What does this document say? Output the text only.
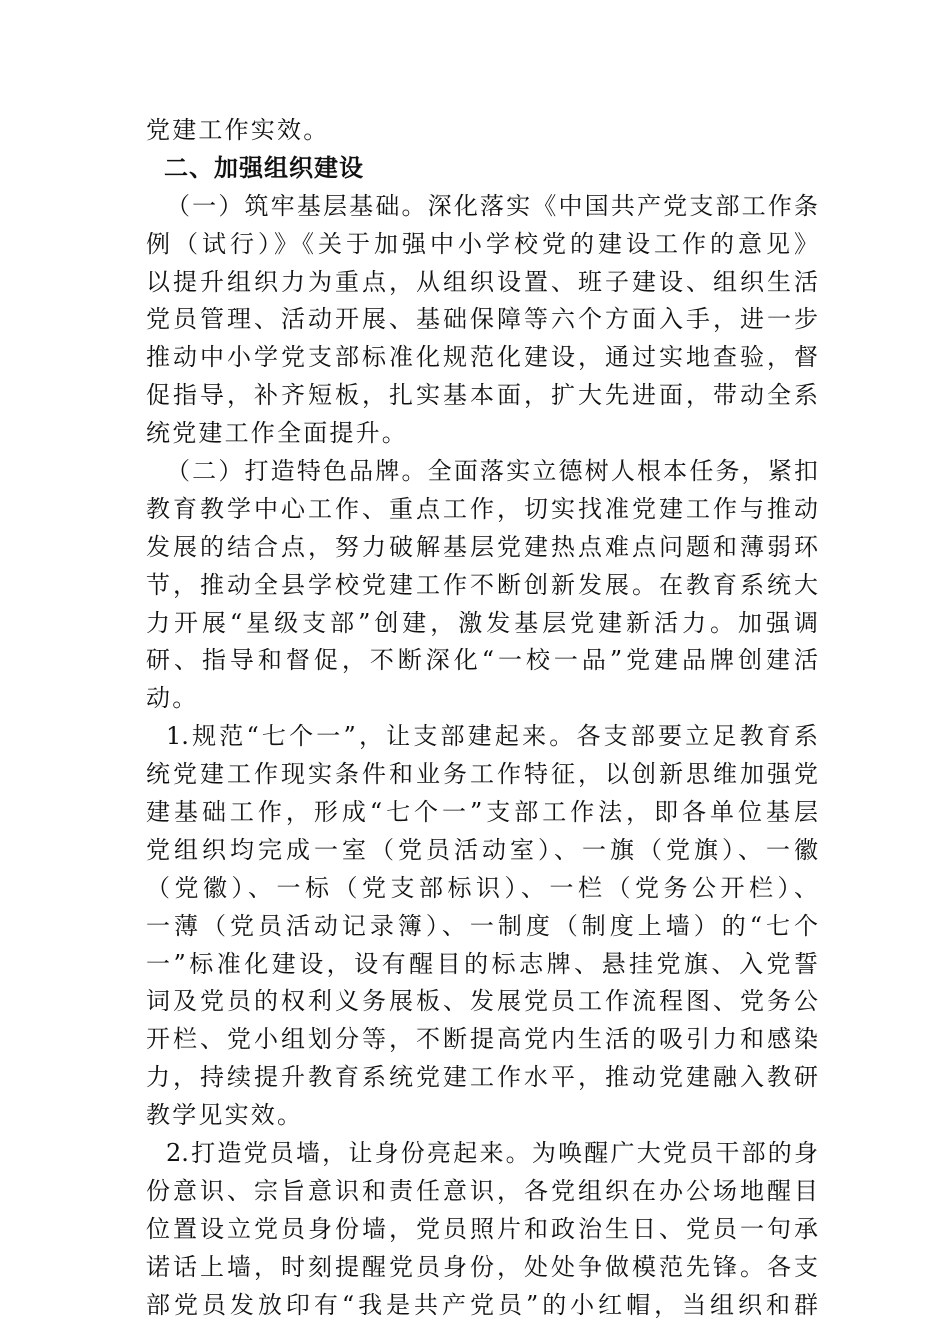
党建工作实效。
二、加强组织建设
（一）筑牢基层基础。深化落实《中国共产党支部工作条
例（试行）》《关于加强中小学校党的建设工作的意见》
以提升组织力为重点，从组织设置、班子建设、组织生活
党员管理、活动开展、基础保障等六个方面入手，进一步
推动中小学党支部标准化规范化建设，通过实地查验，督
促指导，补齐短板，扎实基本面，扩大先进面，带动全系
统党建工作全面提升。
（二）打造特色品牌。全面落实立德树人根本任务，紧扣
教育教学中心工作、重点工作，切实找准党建工作与推动
发展的结合点，努力破解基层党建热点难点问题和薄弱环
节，推动全县学校党建工作不断创新发展。在教育系统大
力开展“星级支部”创建，激发基层党建新活力。加强调
研、指导和督促，不断深化“一校一品”党建品牌创建活
动。
1.规范“七个一”，让支部建起来。各支部要立足教育系
统党建工作现实条件和业务工作特征，以创新思维加强党
建基础工作，形成“七个一”支部工作法，即各单位基层
党组织均完成一室（党员活动室）、一旗（党旗）、一徽
（党徽）、一标（党支部标识）、一栏（党务公开栏）、
一薄（党员活动记录簿）、一制度（制度上墙）的“七个
一”标准化建设，设有醒目的标志牌、悬挂党旗、入党誓
词及党员的权利义务展板、发展党员工作流程图、党务公
开栏、党小组划分等，不断提高党内生活的吸引力和感染
力，持续提升教育系统党建工作水平，推动党建融入教研
教学见实效。
2.打造党员墙，让身份亮起来。为唤醒广大党员干部的身
份意识、宗旨意识和责任意识，各党组织在办公场地醒目
位置设立党员身份墙，党员照片和政治生日、党员一句承
诺话上墙，时刻提醒党员身份，处处争做模范先锋。各支
部党员发放印有“我是共产党员”的小红帽，当组织和群
